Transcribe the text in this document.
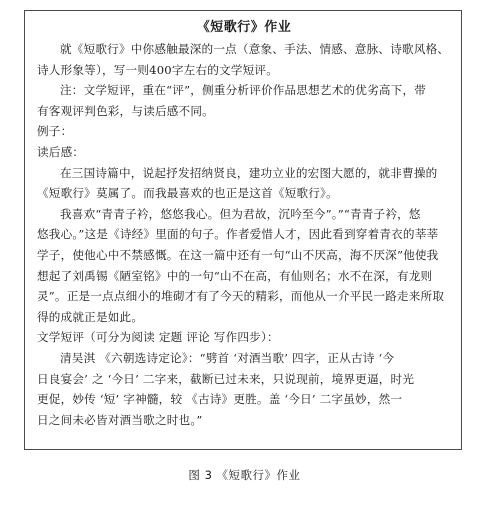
《短歌行》作业
就《短歌行》中你感触最深的一点（意象、手法、情感、意脉、诗歌风格、
诗人形象等），写一则400字左右的文学短评。
注：文学短评，重在“评”，侧重分析评价作品思想艺术的优劣高下，带
有客观评判色彩，与读后感不同。
例子：
读后感：
在三国诗篇中，说起抒发招纳贤良，建功立业的宏图大愿的，就非曹操的
《短歌行》莫属了。而我最喜欢的也正是这首《短歌行》。
我喜欢“青青子衿，悠悠我心。但为君故，沉吟至今”。”“青青子衿，悠
悠我心。”这是《诗经》里面的句子。作者爱惜人才，因此看到穿着青衣的莘莘
学子，使他心中不禁感慨。在这一篇中还有一句“山不厌高，海不厌深”他使我
想起了刘禹锡《陋室铭》中的一句“山不在高，有仙则名；水不在深，有龙则
灵”。正是一点点细小的堆砌才有了今天的精彩，而他从一介平民一路走来所取
得的成就正是如此。
文学短评（可分为阅读 定题 评论 写作四步）：
清吴淇 《六朝选诗定论》：“劈首 ‘对酒当歌’ 四字，正从古诗 ‘今
日良宴会’ 之 ‘今日’ 二字来，截断已过未来，只说现前，境界更逼，时光
更促，妙传 ‘短’ 字神髓，较 《古诗》更胜。盖 ‘今日’ 二字虽妙，然一
日之间未必皆对酒当歌之时也。”
图 3 《短歌行》作业
